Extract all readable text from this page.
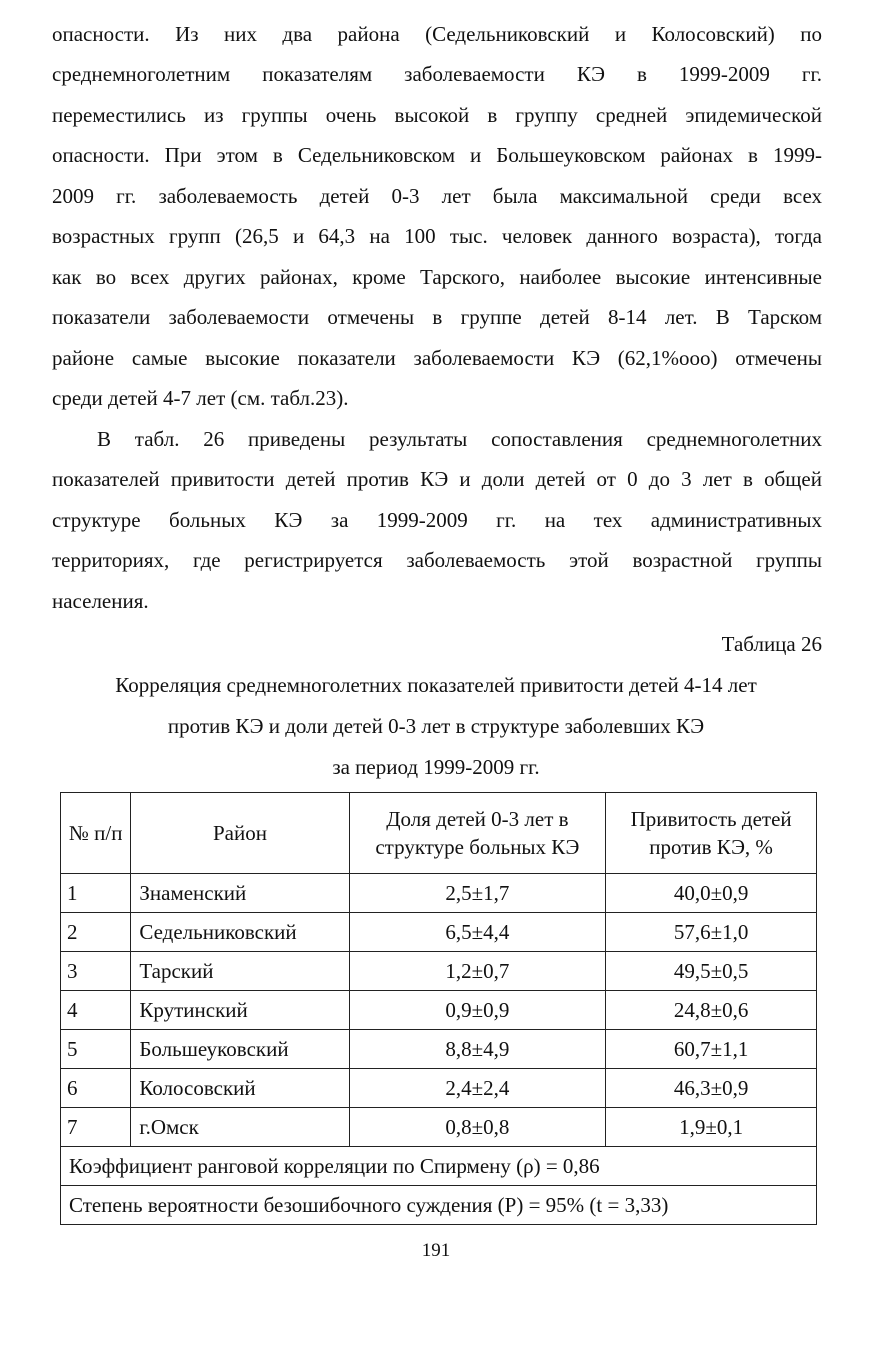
опасности. Из них два района (Седельниковский и Колосовский) по
среднемноголетним показателям заболеваемости КЭ в 1999-2009 гг.
переместились из группы очень высокой в группу средней эпидемической
опасности. При этом в Седельниковском и Большеуковском районах в 1999-
2009 гг. заболеваемость детей 0-3 лет была максимальной среди всех
возрастных групп (26,5 и 64,3 на 100 тыс. человек данного возраста), тогда
как во всех других районах, кроме Тарского, наиболее высокие интенсивные
показатели заболеваемости отмечены в группе детей 8-14 лет. В Тарском
районе самые высокие показатели заболеваемости КЭ (62,1%ооо) отмечены
среди детей 4-7 лет (см. табл.23).
В табл. 26 приведены результаты сопоставления среднемноголетних
показателей привитости детей против КЭ и доли детей от 0 до 3 лет в общей
структуре больных КЭ за 1999-2009 гг. на тех административных
территориях, где регистрируется заболеваемость этой возрастной группы
населения.
Таблица 26
Корреляция среднемноголетних показателей привитости детей 4-14 лет
против КЭ и доли детей 0-3 лет в структуре заболевших КЭ
за период 1999-2009 гг.
№ п/п	Район	Доля детей 0-3 лет в структуре больных КЭ	Привитость детей против КЭ, %

1	Знаменский	2,5±1,7	40,0±0,9
2	Седельниковский	6,5±4,4	57,6±1,0
3	Тарский	1,2±0,7	49,5±0,5
4	Крутинский	0,9±0,9	24,8±0,6
5	Большеуковский	8,8±4,9	60,7±1,1
6	Колосовский	2,4±2,4	46,3±0,9
7	г.Омск	0,8±0,8	1,9±0,1
Коэффициент ранговой корреляции по Спирмену (ρ) = 0,86			
Степень вероятности безошибочного суждения (Р) = 95% (t = 3,33)			
191
